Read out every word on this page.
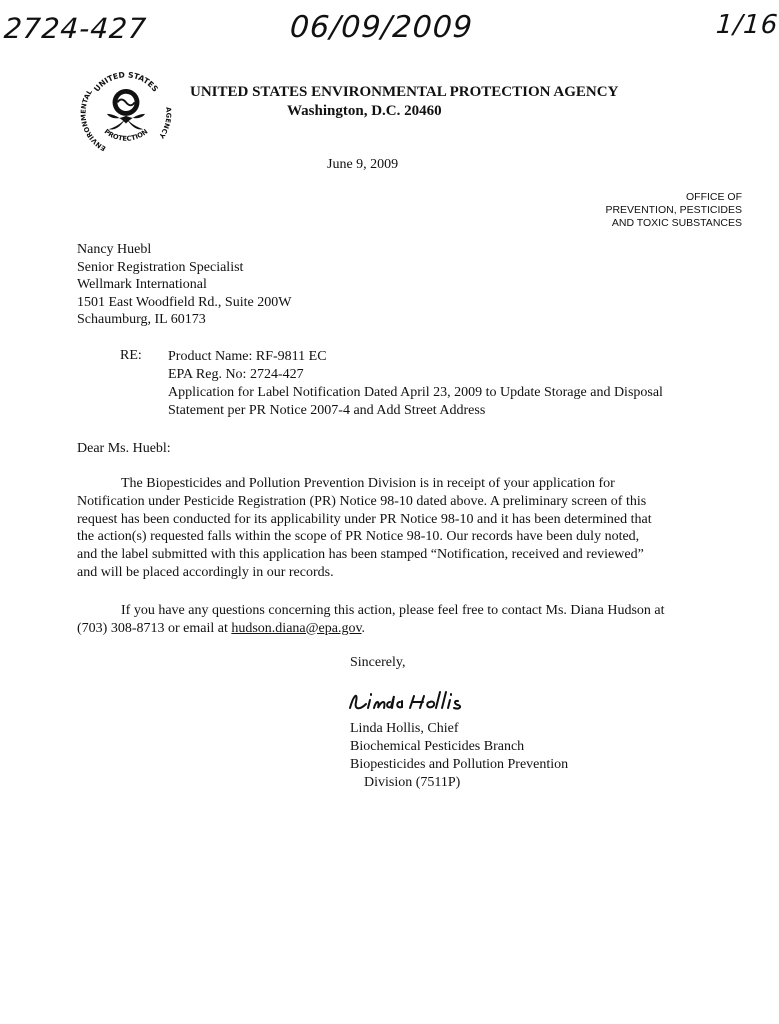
2724-427	06/09/2009	1/16
UNITED STATES
ENVIRONMENTAL
AGENCY
PROTECTION
UNITED STATES ENVIRONMENTAL PROTECTION AGENCY
Washington, D.C. 20460
June 9, 2009
OFFICE OF
PREVENTION, PESTICIDES
AND TOXIC SUBSTANCES
Nancy Huebl
Senior Registration Specialist
Wellmark International
1501 East Woodfield Rd., Suite 200W
Schaumburg, IL 60173
RE: Product Name: RF-9811 EC
EPA Reg. No: 2724-427
Application for Label Notification Dated April 23, 2009 to Update Storage and Disposal
Statement per PR Notice 2007-4 and Add Street Address
Dear Ms. Huebl:
The Biopesticides and Pollution Prevention Division is in receipt of your application for
Notification under Pesticide Registration (PR) Notice 98-10 dated above. A preliminary screen of this
request has been conducted for its applicability under PR Notice 98-10 and it has been determined that
the action(s) requested falls within the scope of PR Notice 98-10. Our records have been duly noted,
and the label submitted with this application has been stamped “Notification, received and reviewed”
and will be placed accordingly in our records.
If you have any questions concerning this action, please feel free to contact Ms. Diana Hudson at
(703) 308-8713 or email at hudson.diana@epa.gov.
Sincerely,
Linda Hollis, Chief
Biochemical Pesticides Branch
Biopesticides and Pollution Prevention
Division (7511P)
